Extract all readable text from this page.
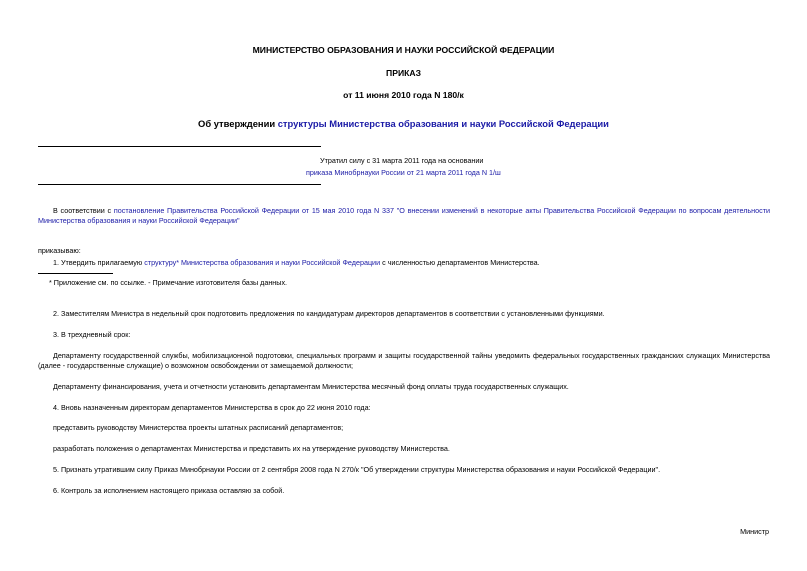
МИНИСТЕРСТВО ОБРАЗОВАНИЯ И НАУКИ РОССИЙСКОЙ ФЕДЕРАЦИИ
ПРИКАЗ
от 11 июня 2010 года N 180/к
Об утверждении структуры Министерства образования и науки Российской Федерации
Утратил силу с 31 марта 2011 года на основании
приказа Минобрнауки России от 21 марта 2011 года N 1/ш
В соответствии с постановление Правительства Российской Федерации от 15 мая 2010 года N 337 "О внесении изменений в некоторые акты Правительства Российской Федерации по вопросам деятельности Министерства образования и науки Российской Федерации"
приказываю:
1. Утвердить прилагаемую структуру* Министерства образования и науки Российской Федерации с численностью департаментов Министерства.
* Приложение см. по ссылке. - Примечание изготовителя базы данных.
2. Заместителям Министра в недельный срок подготовить предложения по кандидатурам директоров департаментов в соответствии с установленными функциями.
3. В трехдневный срок:
Департаменту государственной службы, мобилизационной подготовки, специальных программ и защиты государственной тайны уведомить федеральных государственных гражданских служащих Министерства (далее - государственные служащие) о возможном освобождении от замещаемой должности;
Департаменту финансирования, учета и отчетности установить департаментам Министерства месячный фонд оплаты труда государственных служащих.
4. Вновь назначенным директорам департаментов Министерства в срок до 22 июня 2010 года:
представить руководству Министерства проекты штатных расписаний департаментов;
разработать положения о департаментах Министерства и представить их на утверждение руководству Министерства.
5. Признать утратившим силу Приказ Минобрнауки России от 2 сентября 2008 года N 270/к "Об утверждении структуры Министерства образования и науки Российской Федерации".
6. Контроль за исполнением настоящего приказа оставляю за собой.
Министр
